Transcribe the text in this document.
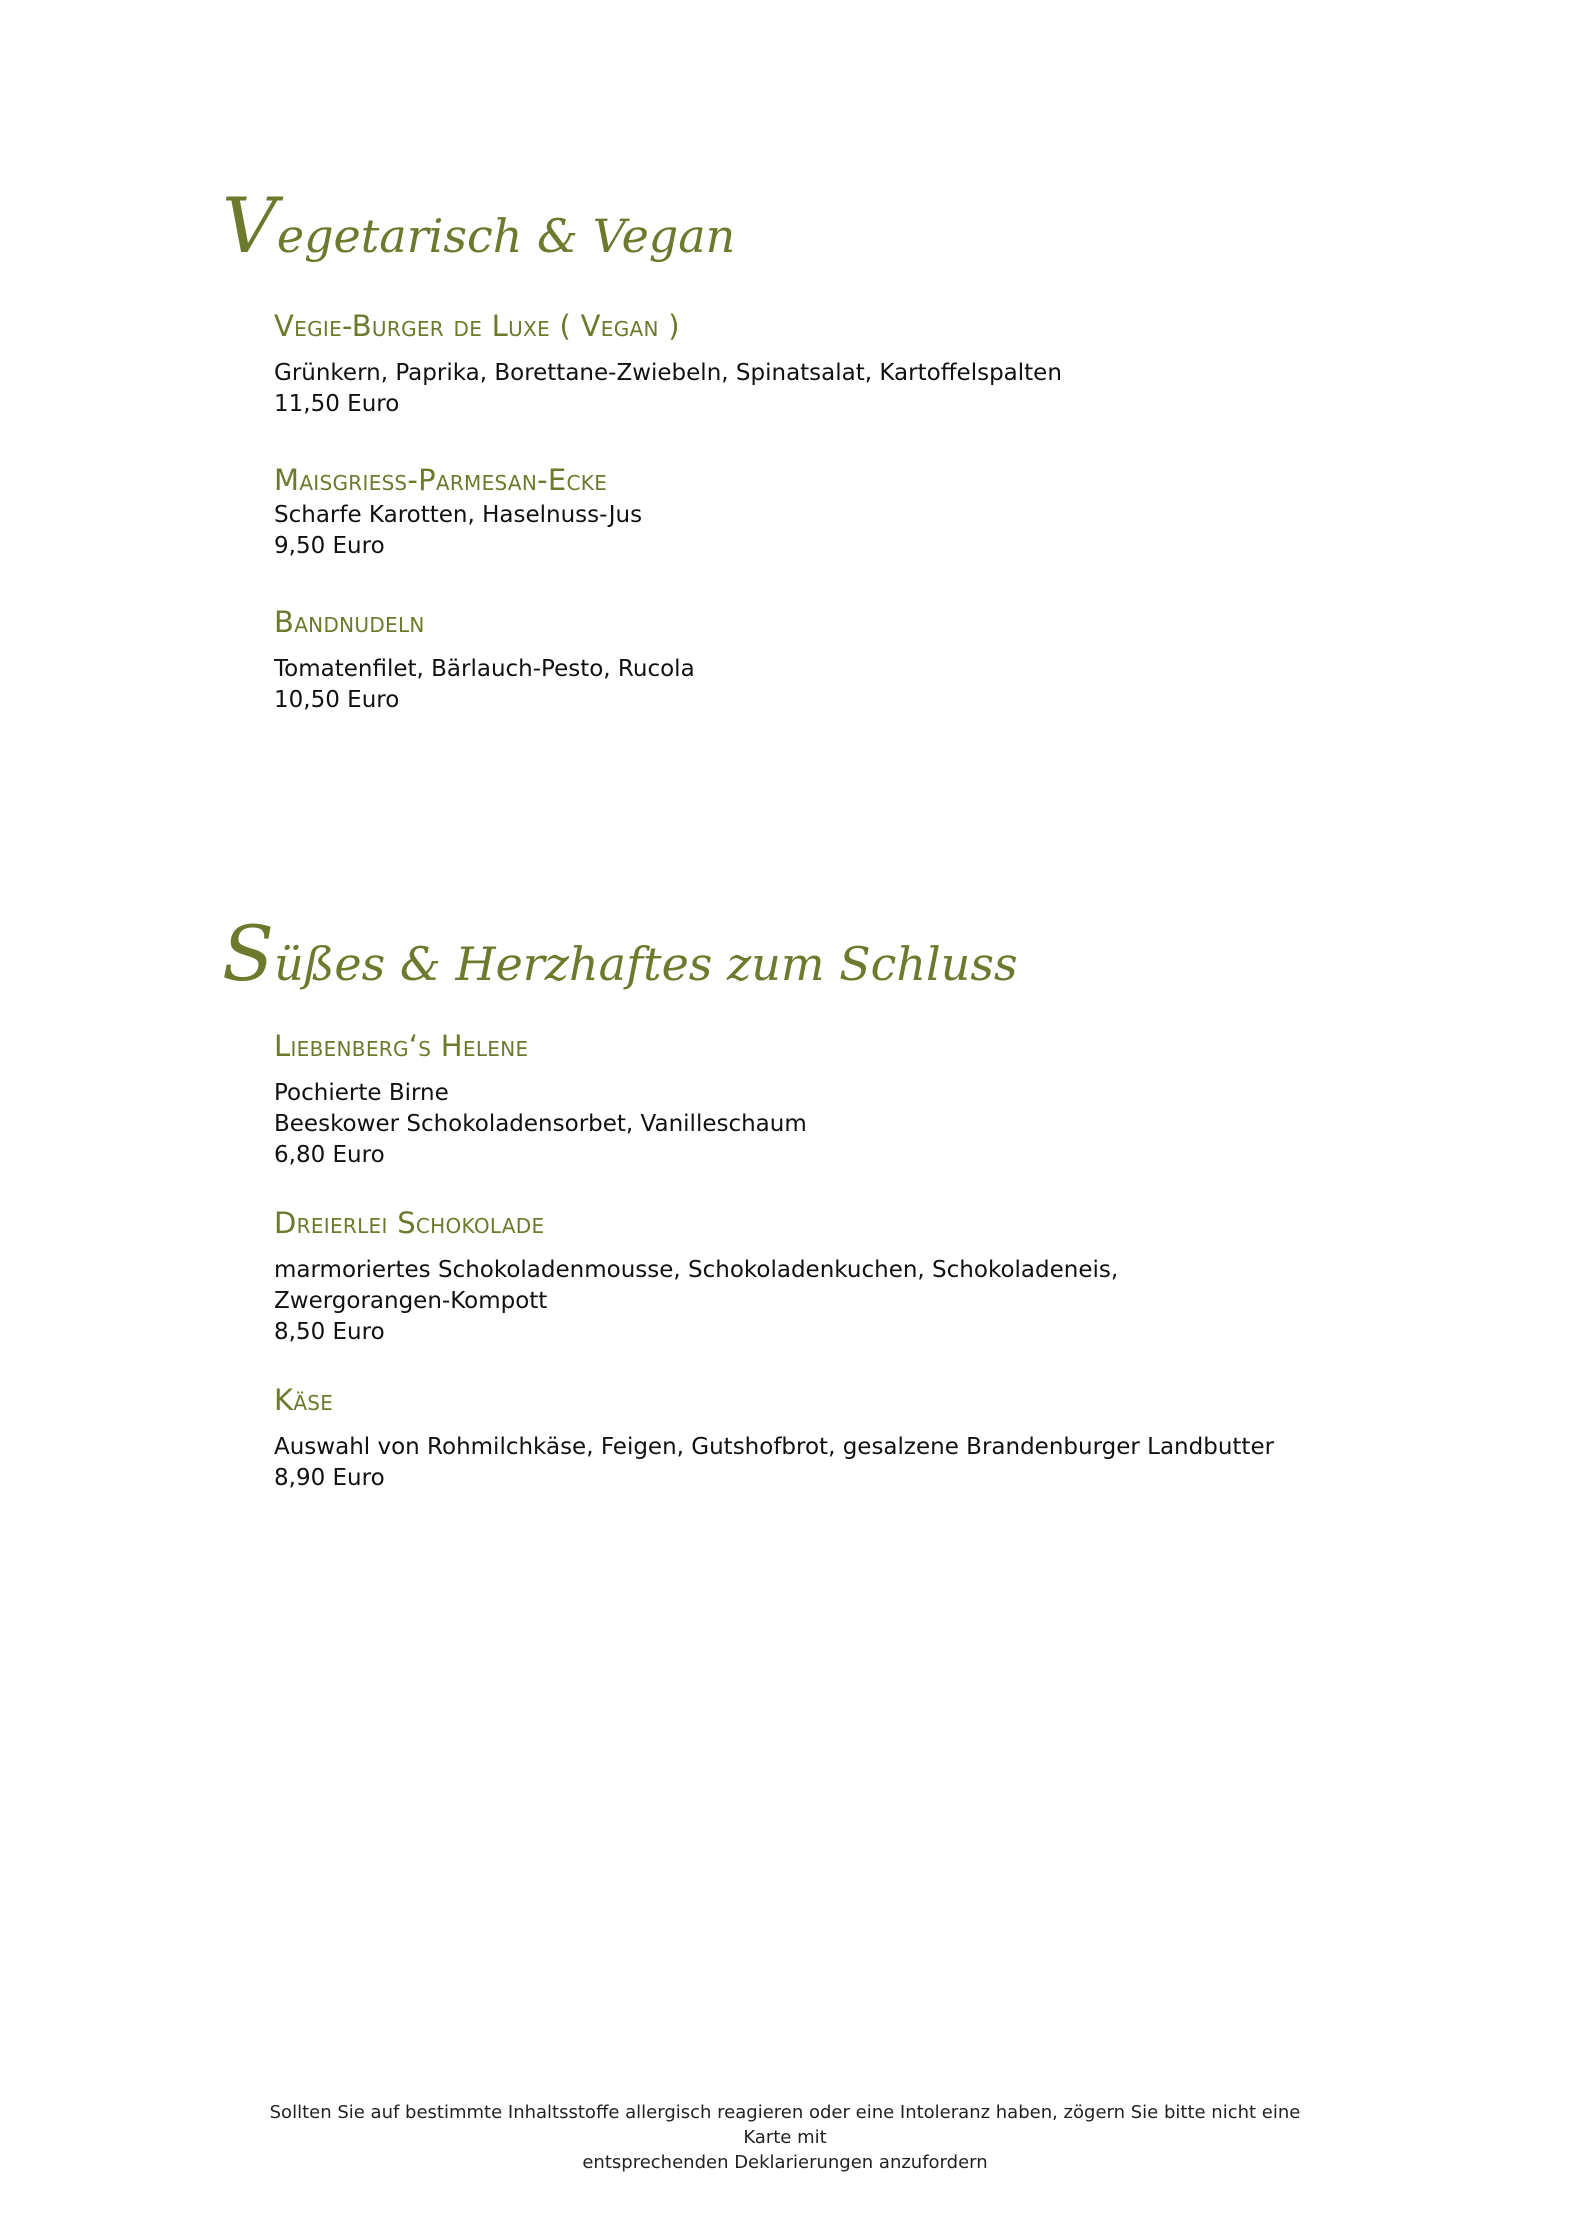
Vegetarisch & Vegan
Vegie-Burger de Luxe ( Vegan )

Grünkern, Paprika, Borettane-Zwiebeln, Spinatsalat, Kartoffelspalten

11,50 Euro

Maisgrieß-Parmesan-Ecke

Scharfe Karotten, Haselnuss-Jus

9,50 Euro

Bandnudeln

Tomatenfilet, Bärlauch-Pesto, Rucola

10,50 Euro

Süßes & Herzhaftes zum Schluss
Liebenberg‘s Helene

Pochierte Birne

Beeskower Schokoladensorbet, Vanilleschaum

6,80 Euro

Dreierlei Schokolade

marmoriertes Schokoladenmousse, Schokoladenkuchen, Schokoladeneis,

Zwergorangen-Kompott

8,50 Euro

Käse

Auswahl von Rohmilchkäse, Feigen, Gutshofbrot, gesalzene Brandenburger Landbutter

8,90 Euro

Sollten Sie auf bestimmte Inhaltsstoffe allergisch reagieren oder eine Intoleranz haben, zögern Sie bitte nicht eine Karte mit
entsprechenden Deklarierungen anzufordern
